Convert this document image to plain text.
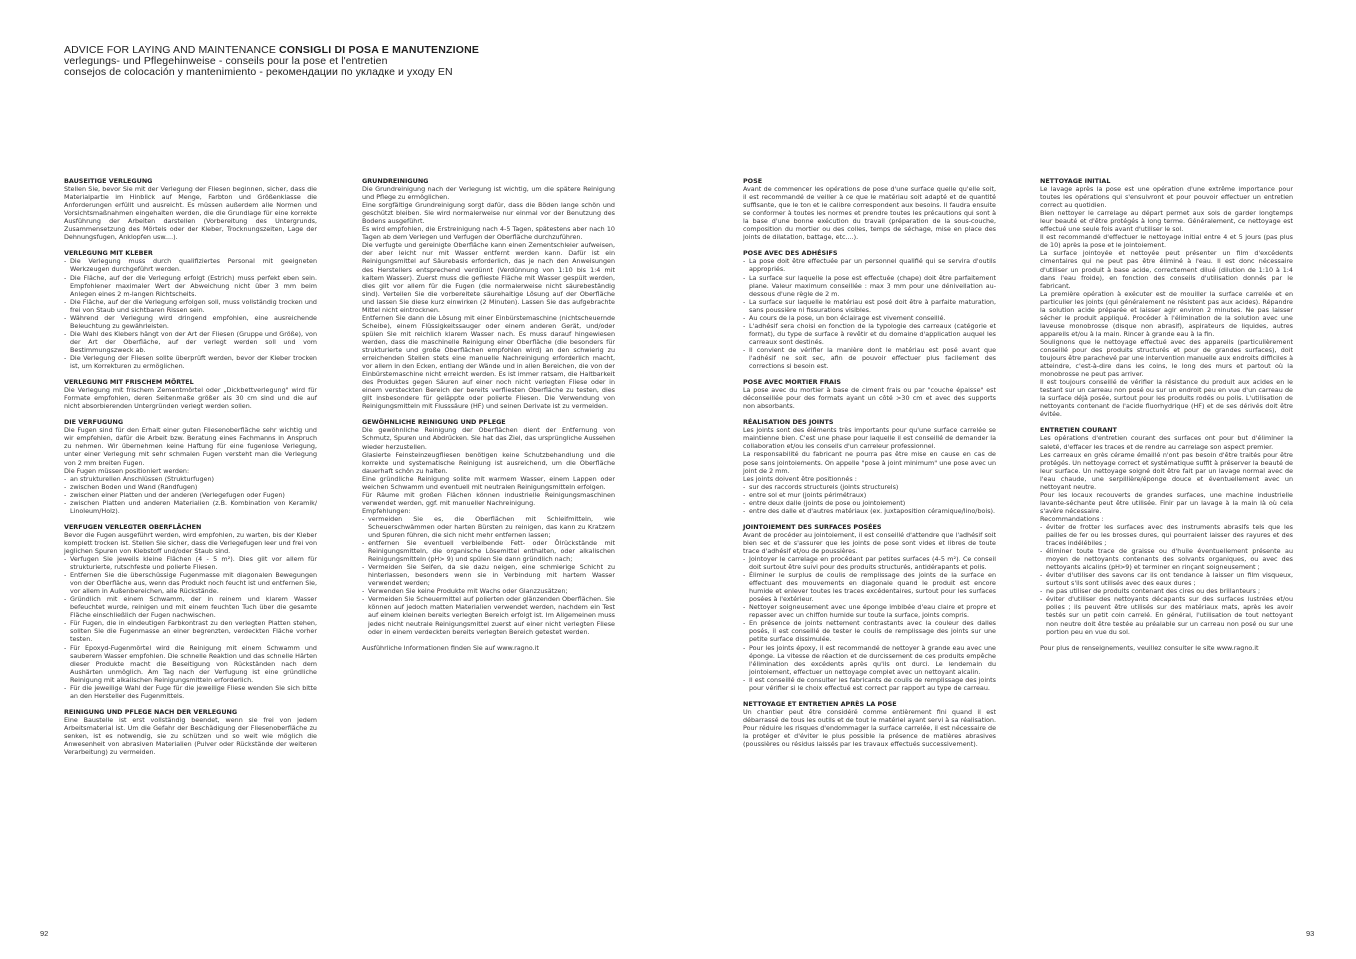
ADVICE FOR LAYING AND MAINTENANCE CONSIGLI DI POSA E MANUTENZIONE
verlegungs- und Pflegehinweise - conseils pour la pose et l'entretien
consejos de colocación y mantenimiento - рекомендации по укладке и уходу EN
BAUSEITIGE VERLEGUNG

Stellen Sie, bevor Sie mit der Verlegung der Fliesen beginnen, sicher, dass die Materialpartie im Hinblick auf Menge, Farbton und Größenklasse die Anforderungen erfüllt und ausreicht. Es müssen außerdem alle Normen und Vorsichtsmaßnahmen eingehalten werden, die die Grundlage für eine korrekte Ausführung der Arbeiten darstellen (Vorbereitung des Untergrunds, Zusammensetzung des Mörtels oder der Kleber, Trocknungszeiten, Lage der Dehnungsfugen, Anklopfen usw....).

VERLEGUNG MIT KLEBER
- Die Verlegung muss durch qualifiziertes Personal mit geeigneten Werkzeugen durchgeführt werden.
- Die Fläche, auf der die Verlegung erfolgt (Estrich) muss perfekt eben sein. Empfohlener maximaler Wert der Abweichung nicht über 3 mm beim Anlegen eines 2 m-langen Richtscheits.
- Die Fläche, auf der die Verlegung erfolgen soll, muss vollständig trocken und frei von Staub und sichtbaren Rissen sein.
- Während der Verlegung wird dringend empfohlen, eine ausreichende Beleuchtung zu gewährleisten.
- Die Wahl des Klebers hängt von der Art der Fliesen (Gruppe und Größe), von der Art der Oberfläche, auf der verlegt werden soll und vom Bestimmungszweck ab.
- Die Verlegung der Fliesen sollte überprüft werden, bevor der Kleber trocken ist, um Korrekturen zu ermöglichen.
VERLEGUNG MIT FRISCHEM MÖRTEL

Die Verlegung mit frischem Zementmörtel oder „Dickbettverlegung" wird für Formate empfohlen, deren Seitenmaße größer als 30 cm sind und die auf nicht absorbierenden Untergründen verlegt werden sollen.

DIE VERFUGUNG

Die Fugen sind für den Erhalt einer guten Fliesenoberfläche sehr wichtig und wir empfehlen, dafür die Arbeit bzw. Beratung eines Fachmanns in Anspruch zu nehmen. Wir übernehmen keine Haftung für eine fugenlose Verlegung, unter einer Verlegung mit sehr schmalen Fugen versteht man die Verlegung von 2 mm breiten Fugen.

Die Fugen müssen positioniert werden:

- an strukturellen Anschlüssen (Strukturfugen)
- zwischen Boden und Wand (Randfugen)
- zwischen einer Platten und der anderen (Verlegefugen oder Fugen)
- zwischen Platten und anderen Materialien (z.B. Kombination von Keramik/ Linoleum/Holz).
VERFUGEN VERLEGTER OBERFLÄCHEN

Bevor die Fugen ausgeführt werden, wird empfohlen, zu warten, bis der Kleber komplett trocken ist. Stellen Sie sicher, dass die Verlegefugen leer und frei von jeglichen Spuren von Klebstoff und/oder Staub sind.

- Verfugen Sie jeweils kleine Flächen (4 - 5 m²). Dies gilt vor allem für strukturierte, rutschfeste und polierte Fliesen.
- Entfernen Sie die überschüssige Fugenmasse mit diagonalen Bewegungen von der Oberfläche aus, wenn das Produkt noch feucht ist und entfernen Sie, vor allem in Außenbereichen, alle Rückstände.
- Gründlich mit einem Schwamm, der in reinem und klarem Wasser befeuchtet wurde, reinigen und mit einem feuchten Tuch über die gesamte Fläche einschließlich der Fugen nachwischen.
- Für Fugen, die in eindeutigen Farbkontrast zu den verlegten Platten stehen, sollten Sie die Fugenmasse an einer begrenzten, verdeckten Fläche vorher testen.
- Für Epoxyd-Fugenmörtel wird die Reinigung mit einem Schwamm und sauberem Wasser empfohlen. Die schnelle Reaktion und das schnelle Härten dieser Produkte macht die Beseitigung von Rückständen nach dem Aushärten unmöglich. Am Tag nach der Verfugung ist eine gründliche Reinigung mit alkalischen Reinigungsmitteln erforderlich.
- Für die jeweilige Wahl der Fuge für die jeweilige Fliese wenden Sie sich bitte an den Hersteller des Fugenmittels.
REINIGUNG UND PFLEGE NACH DER VERLEGUNG

Eine Baustelle ist erst vollständig beendet, wenn sie frei von jedem Arbeitsmaterial ist. Um die Gefahr der Beschädigung der Fliesenoberfläche zu senken, ist es notwendig, sie zu schützen und so weit wie möglich die Anwesenheit von abrasiven Materialien (Pulver oder Rückstände der weiteren Verarbeitung) zu vermeiden.

GRUNDREINIGUNG

Die Grundreinigung nach der Verlegung ist wichtig, um die spätere Reinigung und Pflege zu ermöglichen.

Eine sorgfältige Grundreinigung sorgt dafür, dass die Böden lange schön und geschützt bleiben. Sie wird normalerweise nur einmal vor der Benutzung des Bodens ausgeführt.

Es wird empfohlen, die Erstreinigung nach 4-5 Tagen, spätestens aber nach 10 Tagen ab dem Verlegen und Verfugen der Oberfläche durchzuführen.

Die verfugte und gereinigte Oberfläche kann einen Zementschleier aufweisen, der aber leicht nur mit Wasser entfernt werden kann. Dafür ist ein Reinigungsmittel auf Säurebasis erforderlich, das je nach den Anweisungen des Herstellers entsprechend verdünnt (Verdünnung von 1:10 bis 1:4 mit kaltem Wasser). Zuerst muss die geflieste Fläche mit Wasser gespült werden, dies gilt vor allem für die Fugen (die normalerweise nicht säurebeständig sind). Verteilen Sie die vorbereitete säurehaltige Lösung auf der Oberfläche und lassen Sie diese kurz einwirken (2 Minuten). Lassen Sie das aufgebrachte Mittel nicht eintrocknen.

Entfernen Sie dann die Lösung mit einer Einbürstemaschine (nichtscheuernde Scheibe), einem Flüssigkeitssauger oder einem anderen Gerät, und/oder spülen Sie mit reichlich klarem Wasser nach. Es muss darauf hingewiesen werden, dass die maschinelle Reinigung einer Oberfläche (die besonders für strukturierte und große Oberflächen empfohlen wird) an den schwierig zu erreichenden Stellen stets eine manuelle Nachreinigung erforderlich macht, vor allem in den Ecken, entlang der Wände und in allen Bereichen, die von der Einbürstemaschine nicht erreicht werden. Es ist immer ratsam, die Haltbarkeit des Produktes gegen Säuren auf einer noch nicht verlegten Fliese oder in einem versteckten Bereich der bereits verfliesten Oberfläche zu testen, dies gilt insbesondere für geläppte oder polierte Fliesen. Die Verwendung von Reinigungsmitteln mit Flusssäure (HF) und seinen Derivate ist zu vermeiden.

GEWÖHNLICHE REINIGUNG UND PFLEGE

Die gewöhnliche Reinigung der Oberflächen dient der Entfernung von Schmutz, Spuren und Abdrücken. Sie hat das Ziel, das ursprüngliche Aussehen wieder herzustellen.

Glasierte Feinsteinzeugfliesen benötigen keine Schutzbehandlung und die korrekte und systematische Reinigung ist ausreichend, um die Oberfläche dauerhaft schön zu halten.

Eine gründliche Reinigung sollte mit warmem Wasser, einem Lappen oder weichen Schwamm und eventuell mit neutralen Reinigungsmitteln erfolgen.

Für Räume mit großen Flächen können industrielle Reinigungsmaschinen verwendet werden, ggf. mit manueller Nachreinigung.

Empfehlungen:

- vermeiden Sie es, die Oberflächen mit Schleifmitteln, wie Scheuerschwämmen oder harten Bürsten zu reinigen, das kann zu Kratzern und Spuren führen, die sich nicht mehr entfernen lassen;
- entfernen Sie eventuell verbleibende Fett- oder Ölrückstände mit Reinigungsmitteln, die organische Lösemittel enthalten, oder alkalischen Reinigungsmitteln (pH> 9) und spülen Sie dann gründlich nach;
- Vermeiden Sie Seifen, da sie dazu neigen, eine schmierige Schicht zu hinterlassen, besonders wenn sie in Verbindung mit hartem Wasser verwendet werden;
- Verwenden Sie keine Produkte mit Wachs oder Glanzzusätzen;
- Vermeiden Sie Scheuermittel auf polierten oder glänzenden Oberflächen. Sie können auf jedoch matten Materialien verwendet werden, nachdem ein Test auf einem kleinen bereits verlegten Bereich erfolgt ist. Im Allgemeinen muss jedes nicht neutrale Reinigungsmittel zuerst auf einer nicht verlegten Fliese oder in einem verdeckten bereits verlegten Bereich getestet werden.

Ausführliche Informationen finden Sie auf www.ragno.it

POSE

Avant de commencer les opérations de pose d'une surface quelle qu'elle soit, il est recommandé de veiller à ce que le matériau soit adapté et de quantité suffisante, que le ton et le calibre correspondent aux besoins. Il faudra ensuite se conformer à toutes les normes et prendre toutes les précautions qui sont à la base d'une bonne exécution du travail (préparation de la sous-couche, composition du mortier ou des colles, temps de séchage, mise en place des joints de dilatation, battage, etc....).

POSE AVEC DES ADHÉSIFS
- La pose doit être effectuée par un personnel qualifié qui se servira d'outils appropriés.
- La surface sur laquelle la pose est effectuée (chape) doit être parfaitement plane. Valeur maximum conseillée : max 3 mm pour une dénivellation au-dessous d'une règle de 2 m.
- La surface sur laquelle le matériau est posé doit être à parfaite maturation, sans poussière ni fissurations visibles.
- Au cours de la pose, un bon éclairage est vivement conseillé.
- L'adhésif sera choisi en fonction de la typologie des carreaux (catégorie et format), du type de surface à revêtir et du domaine d'application auquel les carreaux sont destinés.
- Il convient de vérifier la manière dont le matériau est posé avant que l'adhésif ne soit sec, afin de pouvoir effectuer plus facilement des corrections si besoin est.
POSE AVEC MORTIER FRAIS

La pose avec du mortier à base de ciment frais ou par "couche épaisse" est déconseillée pour des formats ayant un côté >30 cm et avec des supports non absorbants.

RÉALISATION DES JOINTS

Les joints sont des éléments très importants pour qu'une surface carrelée se maintienne bien. C'est une phase pour laquelle il est conseillé de demander la collaboration et/ou les conseils d'un carreleur professionnel.

La responsabilité du fabricant ne pourra pas être mise en cause en cas de pose sans jointoiements. On appelle "pose à joint minimum" une pose avec un joint de 2 mm.

Les joints doivent être positionnés :

- sur des raccords structurels (joints structurels)
- entre sol et mur (joints périmétraux)
- entre deux dalle (joints de pose ou jointoiement)
- entre des dalle et d'autres matériaux (ex. juxtaposition céramique/lino/bois).
JOINTOIEMENT DES SURFACES POSÉES

Avant de procéder au jointoiement, il est conseillé d'attendre que l'adhésif soit bien sec et de s'assurer que les joints de pose sont vides et libres de toute trace d'adhésif et/ou de poussières.

- Jointoyer le carrelage en procédant par petites surfaces (4-5 m²). Ce conseil doit surtout être suivi pour des produits structurés, antidérapants et polis.
- Éliminer le surplus de coulis de remplissage des joints de la surface en effectuant des mouvements en diagonale quand le produit est encore humide et enlever toutes les traces excédentaires, surtout pour les surfaces posées à l'extérieur.
- Nettoyer soigneusement avec une éponge imbibée d'eau claire et propre et repasser avec un chiffon humide sur toute la surface, joints compris.
- En présence de joints nettement contrastants avec la couleur des dalles posés, il est conseillé de tester le coulis de remplissage des joints sur une petite surface dissimulée.
- Pour les joints époxy, il est recommandé de nettoyer à grande eau avec une éponge. La vitesse de réaction et de durcissement de ces produits empêche l'élimination des excédents après qu'ils ont durci. Le lendemain du jointoiement, effectuer un nettoyage complet avec un nettoyant alcalin.
- Il est conseillé de consulter les fabricants de coulis de remplissage des joints pour vérifier si le choix effectué est correct par rapport au type de carreau.
NETTOYAGE ET ENTRETIEN APRÈS LA POSE

Un chantier peut être considéré comme entièrement fini quand il est débarrassé de tous les outils et de tout le matériel ayant servi à sa réalisation. Pour réduire les risques d'endommager la surface carrelée, il est nécessaire de la protéger et d'éviter le plus possible la présence de matières abrasives (poussières ou résidus laissés par les travaux effectués successivement).

NETTOYAGE INITIAL

Le lavage après la pose est une opération d'une extrême importance pour toutes les opérations qui s'ensuivront et pour pouvoir effectuer un entretien correct au quotidien.

Bien nettoyer le carrelage au départ permet aux sols de garder longtemps leur beauté et d'être protégés à long terme. Généralement, ce nettoyage est effectué une seule fois avant d'utiliser le sol.

Il est recommandé d'effectuer le nettoyage initial entre 4 et 5 jours (pas plus de 10) après la pose et le jointoiement.

La surface jointoyée et nettoyée peut présenter un film d'excédents cimentaires qui ne peut pas être éliminé à l'eau. Il est donc nécessaire d'utiliser un produit à base acide, correctement dilué (dilution de 1:10 à 1:4 dans l'eau froide), en fonction des conseils d'utilisation donnés par le fabricant.

La première opération à exécuter est de mouiller la surface carrelée et en particulier les joints (qui généralement ne résistent pas aux acides). Répandre la solution acide préparée et laisser agir environ 2 minutes. Ne pas laisser sécher le produit appliqué. Procéder à l'élimination de la solution avec une laveuse monobrosse (disque non abrasif), aspirateurs de liquides, autres appareils et/ou à la main. Rincer à grande eau à la fin.

Soulignons que le nettoyage effectué avec des appareils (particulièrement conseillé pour des produits structurés et pour de grandes surfaces), doit toujours être parachevé par une intervention manuelle aux endroits difficiles à atteindre, c'est-à-dire dans les coins, le long des murs et partout où la monobrosse ne peut pas arriver.

Il est toujours conseillé de vérifier la résistance du produit aux acides en le testant sur un carreau non posé ou sur un endroit peu en vue d'un carreau de la surface déjà posée, surtout pour les produits rodés ou polis. L'utilisation de nettoyants contenant de l'acide fluorhydrique (HF) et de ses dérivés doit être évitée.

ENTRETIEN COURANT

Les opérations d'entretien courant des surfaces ont pour but d'éliminer la saleté, d'effacer les traces et de rendre au carrelage son aspect premier.

Les carreaux en grès cérame émaillé n'ont pas besoin d'être traités pour être protégés. Un nettoyage correct et systématique suffit à préserver la beauté de leur surface. Un nettoyage soigné doit être fait par un lavage normal avec de l'eau chaude, une serpillière/éponge douce et éventuellement avec un nettoyant neutre.

Pour les locaux recouverts de grandes surfaces, une machine industrielle lavante-séchante peut être utilisée. Finir par un lavage à la main là où cela s'avère nécessaire.

Recommandations :

- éviter de frotter les surfaces avec des instruments abrasifs tels que les pailles de fer ou les brosses dures, qui pourraient laisser des rayures et des traces indélébiles ;
- éliminer toute trace de graisse ou d'huile éventuellement présente au moyen de nettoyants contenants des solvants organiques, ou avec des nettoyants alcalins (pH>9) et terminer en rinçant soigneusement ;
- éviter d'utiliser des savons car ils ont tendance à laisser un film visqueux, surtout s'ils sont utilisés avec des eaux dures ;
- ne pas utiliser de produits contenant des cires ou des brillanteurs ;
- éviter d'utiliser des nettoyants décapants sur des surfaces lustrées et/ou polies ; ils peuvent être utilisés sur des matériaux mats, après les avoir testés sur un petit coin carrelé. En général, l'utilisation de tout nettoyant non neutre doit être testée au préalable sur un carreau non posé ou sur une portion peu en vue du sol.

Pour plus de renseignements, veuillez consulter le site www.ragno.it

92	93
